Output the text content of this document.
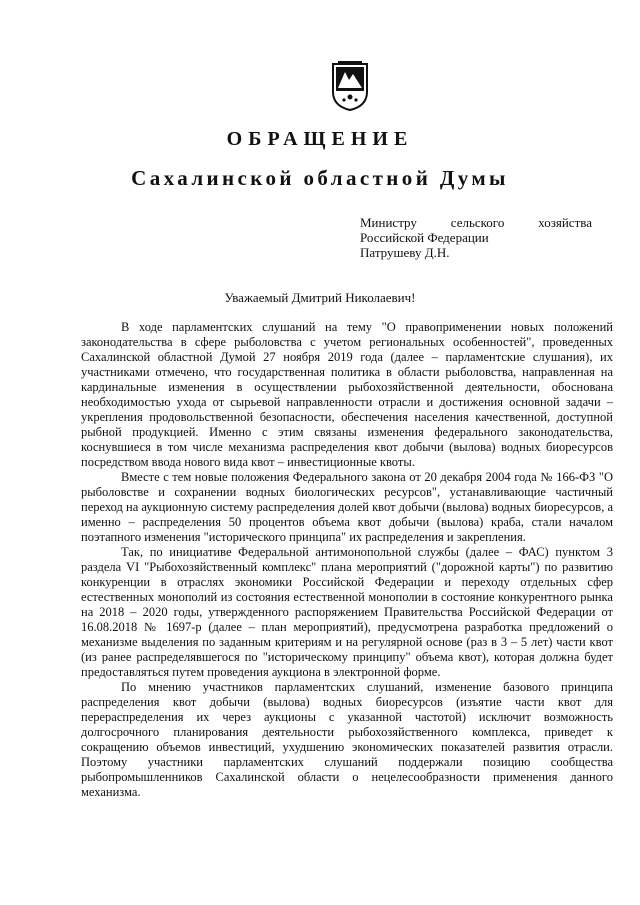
ОБРАЩЕНИЕ
Сахалинской областной Думы
Министру	сельского	хозяйства
Российской Федерации
Патрушеву Д.Н.
Уважаемый Дмитрий Николаевич!

В ходе парламентских слушаний на тему "О правоприменении новых положений законодательства в сфере рыболовства с учетом региональных особенностей", проведенных Сахалинской областной Думой 27 ноября 2019 года (далее – парламентские слушания), их участниками отмечено, что государственная политика в области рыболовства, направленная на кардинальные изменения в осуществлении рыбохозяйственной деятельности, обоснована необходимостью ухода от сырьевой направленности отрасли и достижения основной задачи – укрепления продовольственной безопасности, обеспечения населения качественной, доступной рыбной продукцией. Именно с этим связаны изменения федерального законодательства, коснувшиеся в том числе механизма распределения квот добычи (вылова) водных биоресурсов посредством ввода нового вида квот – инвестиционные квоты.

Вместе с тем новые положения Федерального закона от 20 декабря 2004 года № 166-ФЗ "О рыболовстве и сохранении водных биологических ресурсов", устанавливающие частичный переход на аукционную систему распределения долей квот добычи (вылова) водных биоресурсов, а именно – распределения 50 процентов объема квот добычи (вылова) краба, стали началом поэтапного изменения "исторического принципа" их распределения и закрепления.

Так, по инициативе Федеральной антимонопольной службы (далее – ФАС) пунктом 3 раздела VI "Рыбохозяйственный комплекс" плана мероприятий ("дорожной карты") по развитию конкуренции в отраслях экономики Российской Федерации и переходу отдельных сфер естественных монополий из состояния естественной монополии в состояние конкурентного рынка на 2018 – 2020 годы, утвержденного распоряжением Правительства Российской Федерации от 16.08.2018 № 1697-р (далее – план мероприятий), предусмотрена разработка предложений о механизме выделения по заданным критериям и на регулярной основе (раз в 3 – 5 лет) части квот (из ранее распределявшегося по "историческому принципу" объема квот), которая должна будет предоставляться путем проведения аукциона в электронной форме.

По мнению участников парламентских слушаний, изменение базового принципа распределения квот добычи (вылова) водных биоресурсов (изъятие части квот для перераспределения их через аукционы с указанной частотой) исключит возможность долгосрочного планирования деятельности рыбохозяйственного комплекса, приведет к сокращению объемов инвестиций, ухудшению экономических показателей развития отрасли. Поэтому участники парламентских слушаний поддержали позицию сообщества рыбопромышленников Сахалинской области о нецелесообразности применения данного механизма.
